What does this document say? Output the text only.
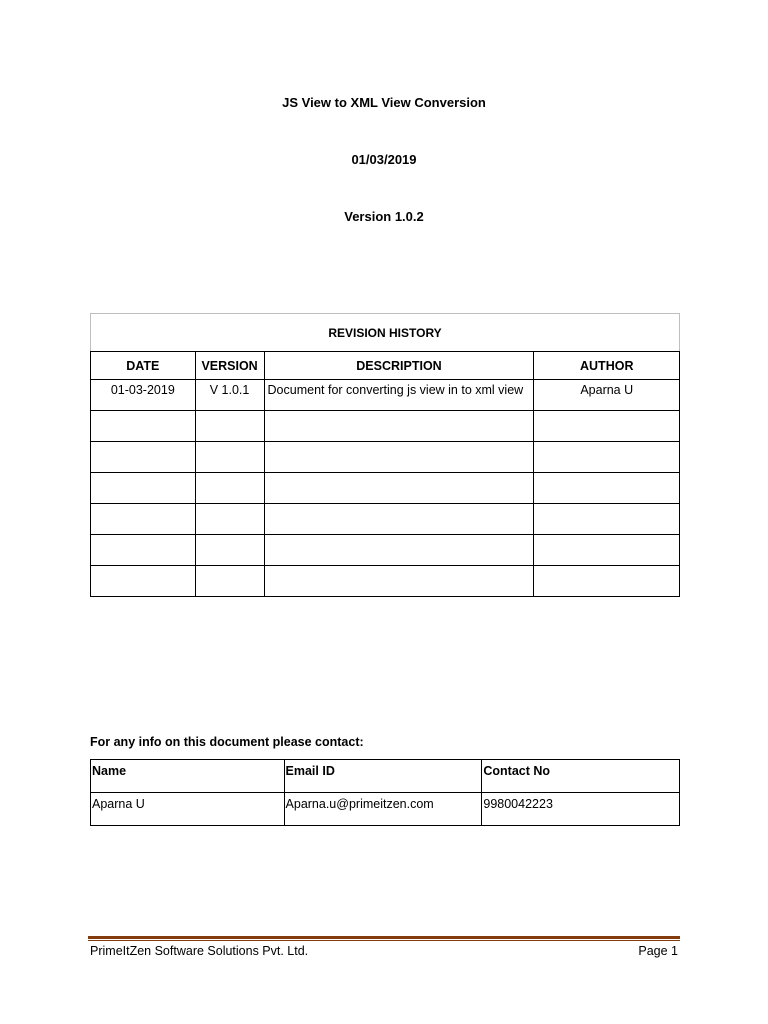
JS View to XML View Conversion
01/03/2019
Version 1.0.2
REVISION HISTORY			
DATE	VERSION	DESCRIPTION	AUTHOR
01-03-2019	V 1.0.1	Document for converting js view in to xml view	Aparna U

For any info on this document please contact:
Name	Email ID	Contact No
Aparna U	Aparna.u@primeitzen.com	9980042223
PrimeItZen Software Solutions Pvt. Ltd.	Page 1
